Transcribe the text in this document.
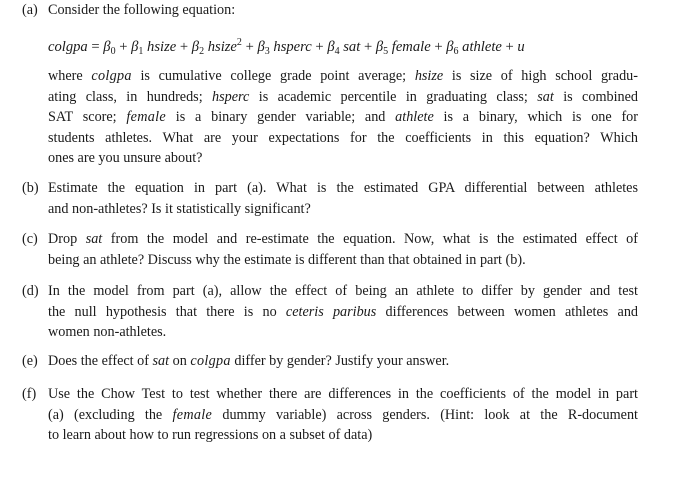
(a) Consider the following equation:
colgpa = $\beta_0 + \beta_1$ hsize + $\beta_2$ hsize$^2$ + $\beta_3$ hsperc + $\beta_4$ sat + $\beta_5$ female + $\beta_6$ athlete + u
where colgpa is cumulative college grade point average; hsize is size of high school gradu-
ating class, in hundreds; hsperc is academic percentile in graduating class; sat is combined
SAT score; female is a binary gender variable; and athlete is a binary, which is one for
students athletes. What are your expectations for the coefficients in this equation? Which
ones are you unsure about?
(b) Estimate the equation in part (a). What is the estimated GPA differential between athletes
and non-athletes? Is it statistically significant?
(c) Drop sat from the model and re-estimate the equation. Now, what is the estimated effect of
being an athlete? Discuss why the estimate is different than that obtained in part (b).
(d) In the model from part (a), allow the effect of being an athlete to differ by gender and test
the null hypothesis that there is no ceteris paribus differences between women athletes and
women non-athletes.
(e) Does the effect of sat on colgpa differ by gender? Justify your answer.
(f) Use the Chow Test to test whether there are differences in the coefficients of the model in part
(a) (excluding the female dummy variable) across genders. (Hint: look at the R-document
to learn about how to run regressions on a subset of data)
